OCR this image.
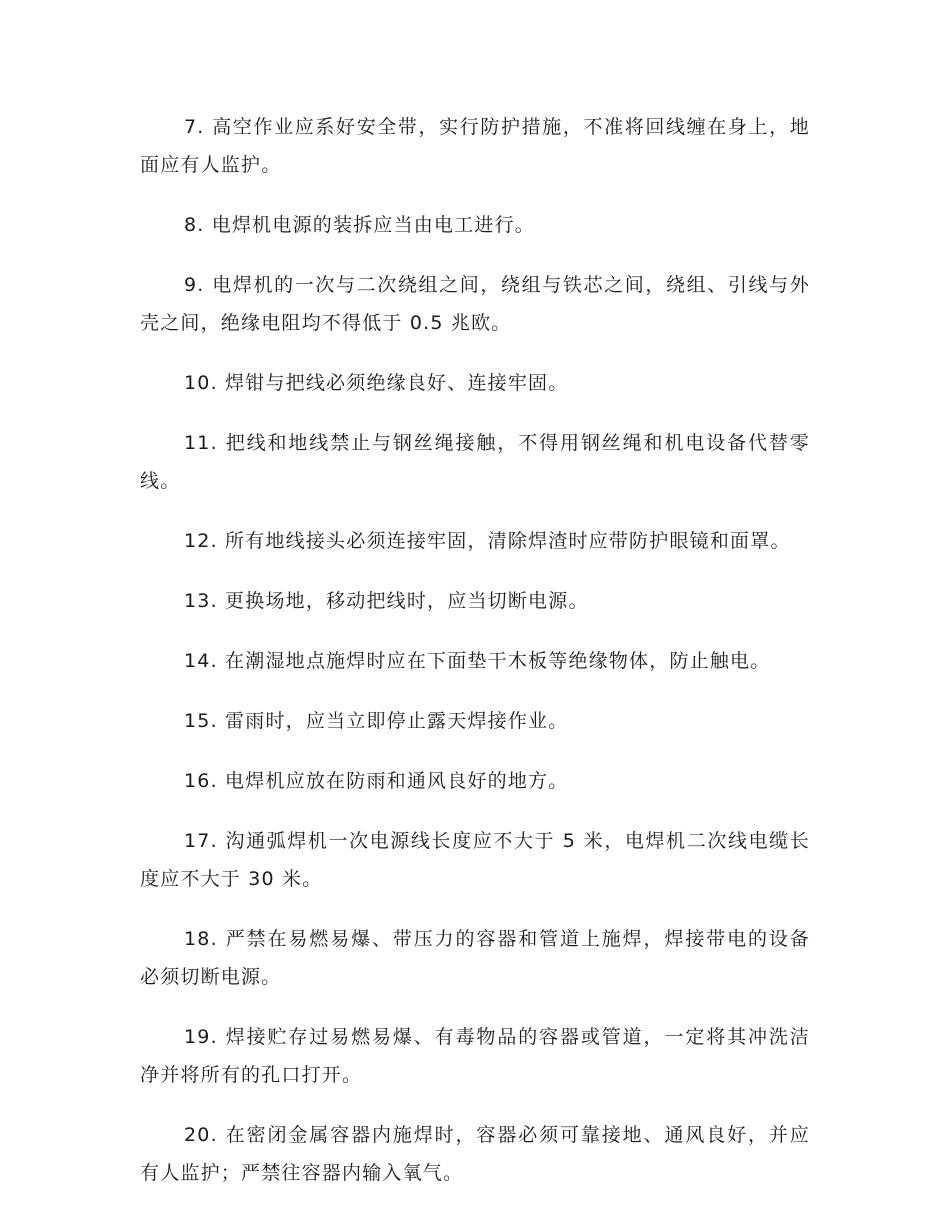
7. 高空作业应系好安全带，实行防护措施，不准将回线缠在身上，地面应有人监护。

8. 电焊机电源的装拆应当由电工进行。

9. 电焊机的一次与二次绕组之间，绕组与铁芯之间，绕组、引线与外壳之间，绝缘电阻均不得低于 0.5 兆欧。

10. 焊钳与把线必须绝缘良好、连接牢固。

11. 把线和地线禁止与钢丝绳接触，不得用钢丝绳和机电设备代替零线。

12. 所有地线接头必须连接牢固，清除焊渣时应带防护眼镜和面罩。

13. 更换场地，移动把线时，应当切断电源。

14. 在潮湿地点施焊时应在下面垫干木板等绝缘物体，防止触电。

15. 雷雨时，应当立即停止露天焊接作业。

16. 电焊机应放在防雨和通风良好的地方。

17. 沟通弧焊机一次电源线长度应不大于 5 米，电焊机二次线电缆长度应不大于 30 米。

18. 严禁在易燃易爆、带压力的容器和管道上施焊，焊接带电的设备必须切断电源。

19. 焊接贮存过易燃易爆、有毒物品的容器或管道，一定将其冲洗洁净并将所有的孔口打开。

20. 在密闭金属容器内施焊时，容器必须可靠接地、通风良好，并应有人监护；严禁往容器内输入氧气。
